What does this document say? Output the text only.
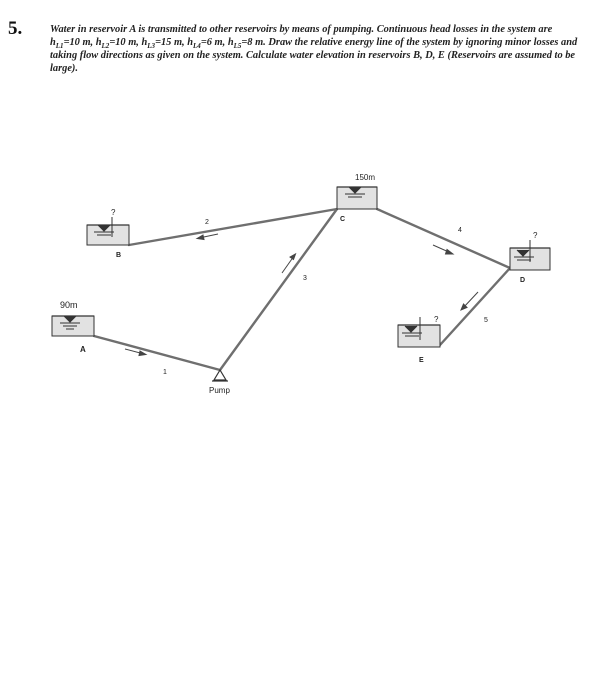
5.	Water in reservoir A is transmitted to other reservoirs by means of pumping. Continuous head losses in the system are $h_{L1}=10$ m, $h_{L2}=10$ m, $h_{L3}=15$ m, $h_{L4}=6$ m, $h_{L5}=8$ m. Draw the relative energy line of the system by ignoring minor losses and taking flow directions as given on the system. Calculate water elevation in reservoirs B, D, E (Reservoirs are assumed to be large).

90m
A
?
B
150m
C
?
D
?
E
Pump
1
2
3
4
5
